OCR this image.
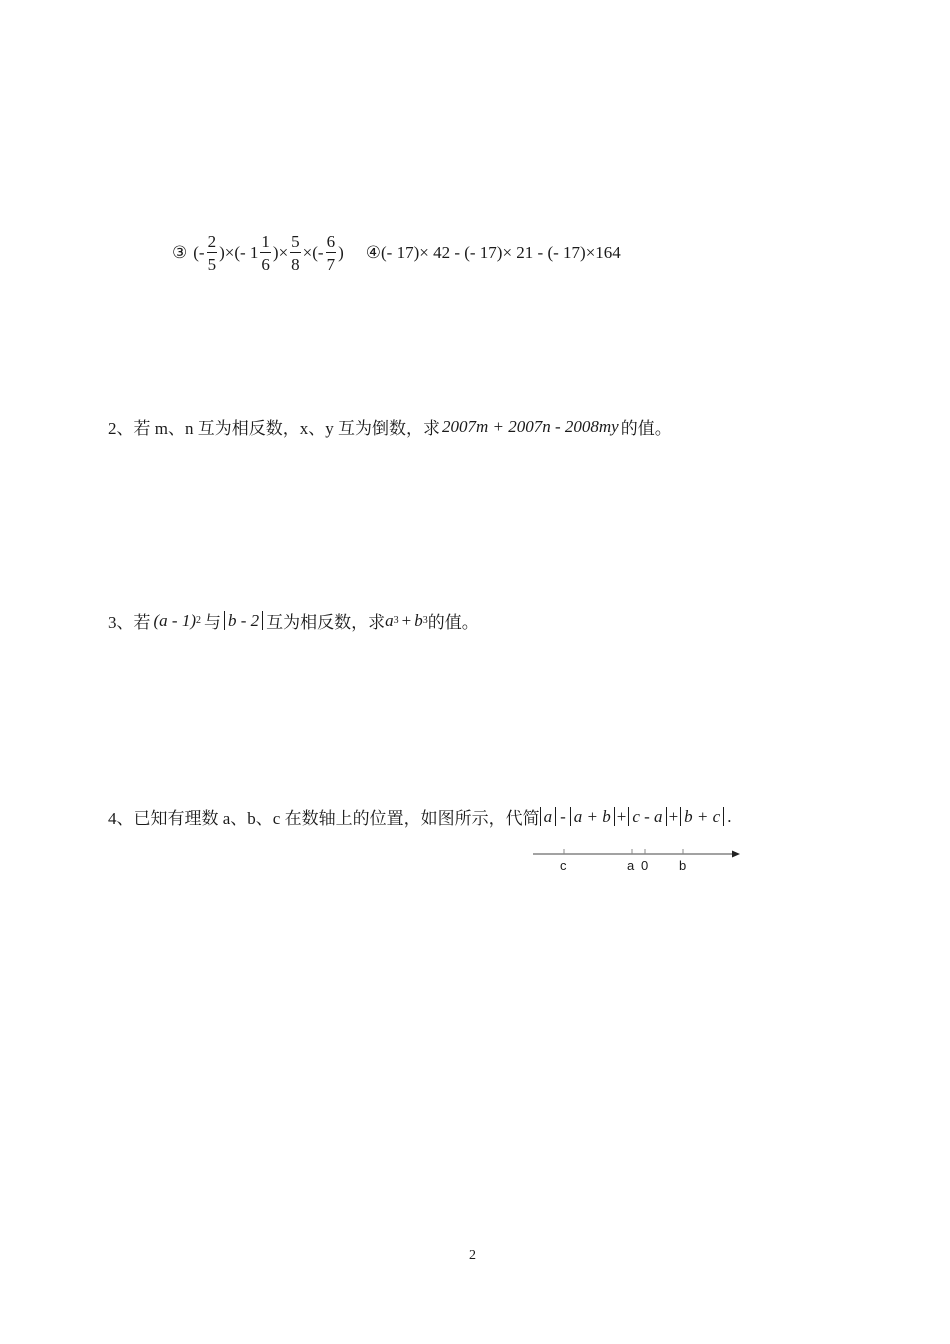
③ (- $\frac{2}{5}$ )×(- $1 \frac{1}{6}$ )× $\frac{5}{8}$ ×(- $\frac{6}{7}$ ) ④ (- 17)× 42 - (- 17)× 21 - (- 17)×164
2、 若 m、n 互为相反数，x、y 互为倒数，求 2007m + 2007n - 2008my 的值。
3、 若 (a - 1) 2 与 b - 2 互为相反数，求 a 3 + b 3 的值。
4、 已知有理数 a、b、c 在数轴上的位置，如图所示，代简 a - a + b + c - a + b + c .
c	a 0 b
2
